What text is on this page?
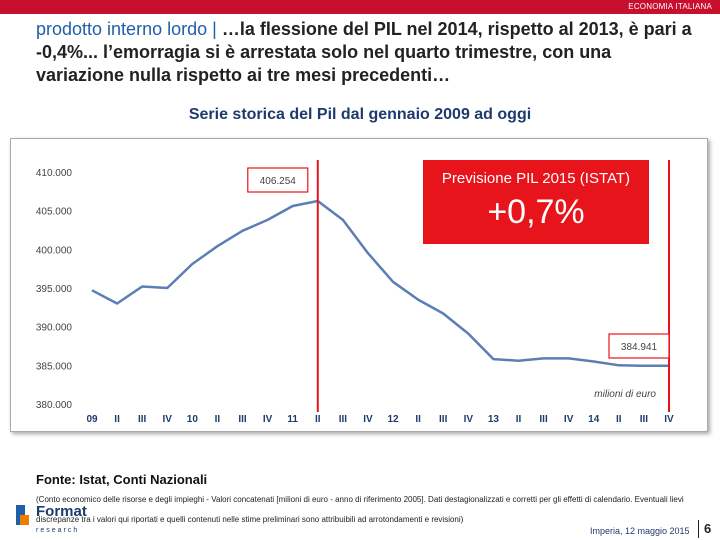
ECONOMIA ITALIANA
prodotto interno lordo | …la flessione del PIL nel 2014, rispetto al 2013, è pari a -0,4%... l’emorragia si è arrestata solo nel quarto trimestre, con una variazione nulla rispetto ai tre mesi precedenti…
Serie storica del Pil dal gennaio 2009 ad oggi
410.000
405.000
400.000
395.000
390.000
385.000
380.000
09 II III IV 10 II III IV 11 II III IV 12 II III IV 13 II III IV 14 II III IV
406.254
384.941
milioni di euro
Previsione PIL 2015 (ISTAT)
+0,7%
Fonte: Istat, Conti Nazionali
(Conto economico delle risorse e degli impieghi - Valori concatenati [milioni di euro - anno di riferimento 2005]. Dati destagionalizzati e corretti per gli effetti di calendario. Eventuali lievi discrepanze tra i valori qui riportati e quelli contenuti nelle stime preliminari sono attribuibili ad arrotondamenti e revisioni)
Format
research	Imperia, 12 maggio 2015 6
